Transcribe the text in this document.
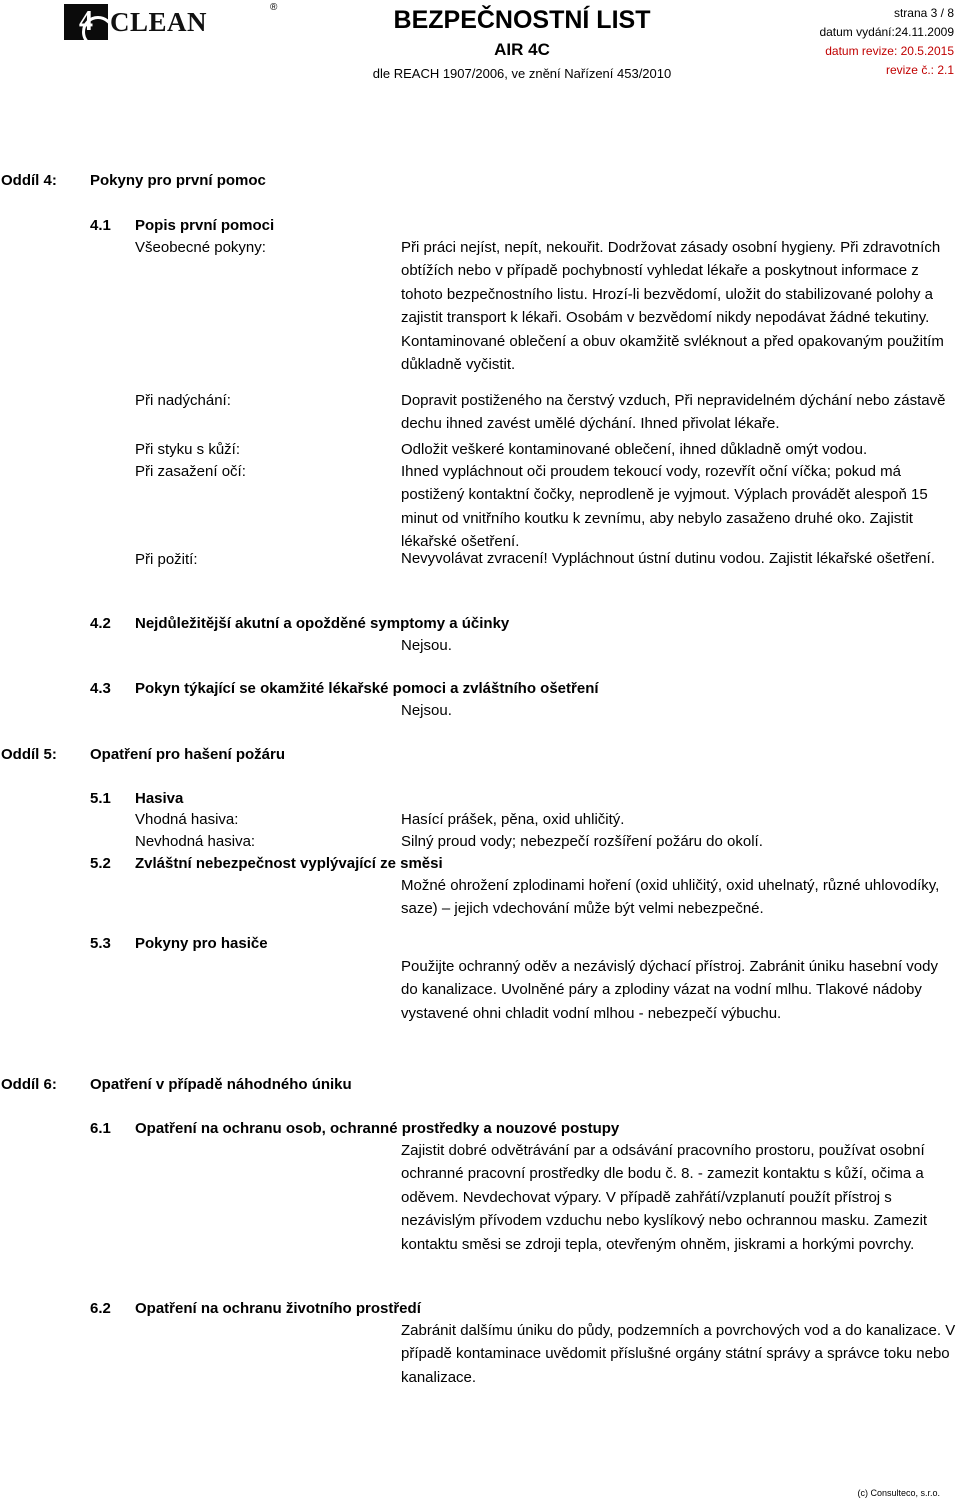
4 CLEAN	®	BEZPEČNOSTNÍ LIST
AIR 4C
dle REACH 1907/2006, ve znění Nařízení 453/2010
strana 3 / 8
datum vydání:24.11.2009
datum revize: 20.5.2015
revize č.: 2.1
Oddíl 4: Pokyny pro první pomoc
4.1 Popis první pomoci
Všeobecné pokyny:	Při práci nejíst, nepít, nekouřit. Dodržovat zásady osobní hygieny. Při zdravotních obtížích nebo v případě pochybností vyhledat lékaře a poskytnout informace z tohoto bezpečnostního listu. Hrozí-li bezvědomí, uložit do stabilizované polohy a zajistit transport k lékaři. Osobám v bezvědomí nikdy nepodávat žádné tekutiny. Kontaminované oblečení a obuv okamžitě svléknout a před opakovaným použitím důkladně vyčistit.
Při nadýchání:	Dopravit postiženého na čerstvý vzduch, Při nepravidelném dýchání nebo zástavě dechu ihned zavést umělé dýchání. Ihned přivolat lékaře.
Při styku s kůží:	Odložit veškeré kontaminované oblečení, ihned důkladně omýt vodou.
Při zasažení očí:	Ihned vypláchnout oči proudem tekoucí vody, rozevřít oční víčka; pokud má postižený kontaktní čočky, neprodleně je vyjmout. Výplach provádět alespoň 15 minut od vnitřního koutku k zevnímu, aby nebylo zasaženo druhé oko. Zajistit lékařské ošetření.
Při požití:	Nevyvolávat zvracení! Vypláchnout ústní dutinu vodou. Zajistit lékařské ošetření.
4.2 Nejdůležitější akutní a opožděné symptomy a účinky
Nejsou.
4.3 Pokyn týkající se okamžité lékařské pomoci a zvláštního ošetření
Nejsou.
Oddíl 5: Opatření pro hašení požáru
5.1 Hasiva
Vhodná hasiva:	Hasící prášek, pěna, oxid uhličitý.
Nevhodná hasiva:	Silný proud vody; nebezpečí rozšíření požáru do okolí.
5.2 Zvláštní nebezpečnost vyplývající ze směsi
Možné ohrožení zplodinami hoření (oxid uhličitý, oxid uhelnatý, různé uhlovodíky, saze) – jejich vdechování může být velmi nebezpečné.
5.3 Pokyny pro hasiče
Použijte ochranný oděv a nezávislý dýchací přístroj. Zabránit úniku hasební vody do kanalizace. Uvolněné páry a zplodiny vázat na vodní mlhu. Tlakové nádoby vystavené ohni chladit vodní mlhou - nebezpečí výbuchu.
Oddíl 6: Opatření v případě náhodného úniku
6.1 Opatření na ochranu osob, ochranné prostředky a nouzové postupy
Zajistit dobré odvětrávání par a odsávání pracovního prostoru, používat osobní ochranné pracovní prostředky dle bodu č. 8. - zamezit kontaktu s kůží, očima a oděvem. Nevdechovat výpary. V případě zahřátí/vzplanutí použít přístroj s nezávislým přívodem vzduchu nebo kyslíkový nebo ochrannou masku. Zamezit kontaktu směsi se zdroji tepla, otevřeným ohněm, jiskrami a horkými povrchy.
6.2 Opatření na ochranu životního prostředí
Zabránit dalšímu úniku do půdy, podzemních a povrchových vod a do kanalizace. V případě kontaminace uvědomit příslušné orgány státní správy a správce toku nebo kanalizace.
(c) Consulteco, s.r.o.
